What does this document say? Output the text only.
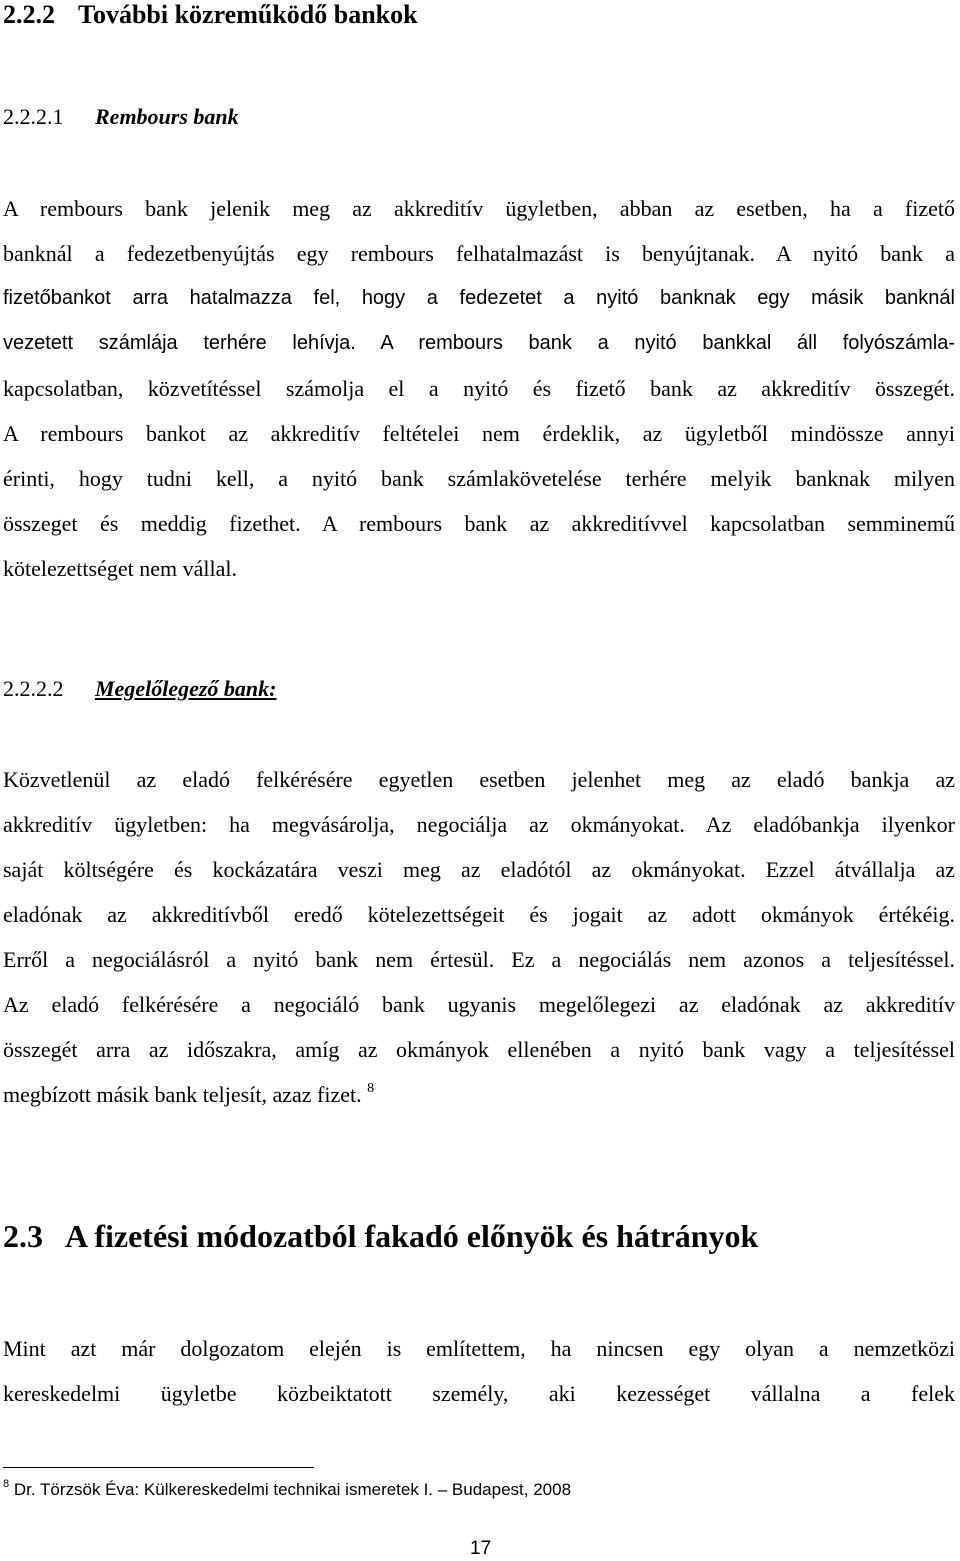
2.2.2 További közreműködő bankok
2.2.2.1 Rembours bank
A rembours bank jelenik meg az akkreditív ügyletben, abban az esetben, ha a fizető
banknál a fedezetbenyújtás egy rembours felhatalmazást is benyújtanak. A nyitó bank a
fizetőbankot arra hatalmazza fel, hogy a fedezetet a nyitó banknak egy másik banknál
vezetett számlája terhére lehívja. A rembours bank a nyitó bankkal áll folyószámla-
kapcsolatban, közvetítéssel számolja el a nyitó és fizető bank az akkreditív összegét.
A rembours bankot az akkreditív feltételei nem érdeklik, az ügyletből mindössze annyi
érinti, hogy tudni kell, a nyitó bank számlakövetelése terhére melyik banknak milyen
összeget és meddig fizethet. A rembours bank az akkreditívvel kapcsolatban semminemű
kötelezettséget nem vállal.
2.2.2.2 Megelőlegező bank:
Közvetlenül az eladó felkérésére egyetlen esetben jelenhet meg az eladó bankja az
akkreditív ügyletben: ha megvásárolja, negociálja az okmányokat. Az eladóbankja ilyenkor
saját költségére és kockázatára veszi meg az eladótól az okmányokat. Ezzel átvállalja az
eladónak az akkreditívből eredő kötelezettségeit és jogait az adott okmányok értékéig.
Erről a negociálásról a nyitó bank nem értesül. Ez a negociálás nem azonos a teljesítéssel.
Az eladó felkérésére a negociáló bank ugyanis megelőlegezi az eladónak az akkreditív
összegét arra az időszakra, amíg az okmányok ellenében a nyitó bank vagy a teljesítéssel
megbízott másik bank teljesít, azaz fizet. $^8$
2.3 A fizetési módozatból fakadó előnyök és hátrányok
Mint azt már dolgozatom elején is említettem, ha nincsen egy olyan a nemzetközi
kereskedelmi ügyletbe közbeiktatott személy, aki kezességet vállalna a felek
$^8$ Dr. Törzsök Éva: Külkereskedelmi technikai ismeretek I. – Budapest, 2008
17
